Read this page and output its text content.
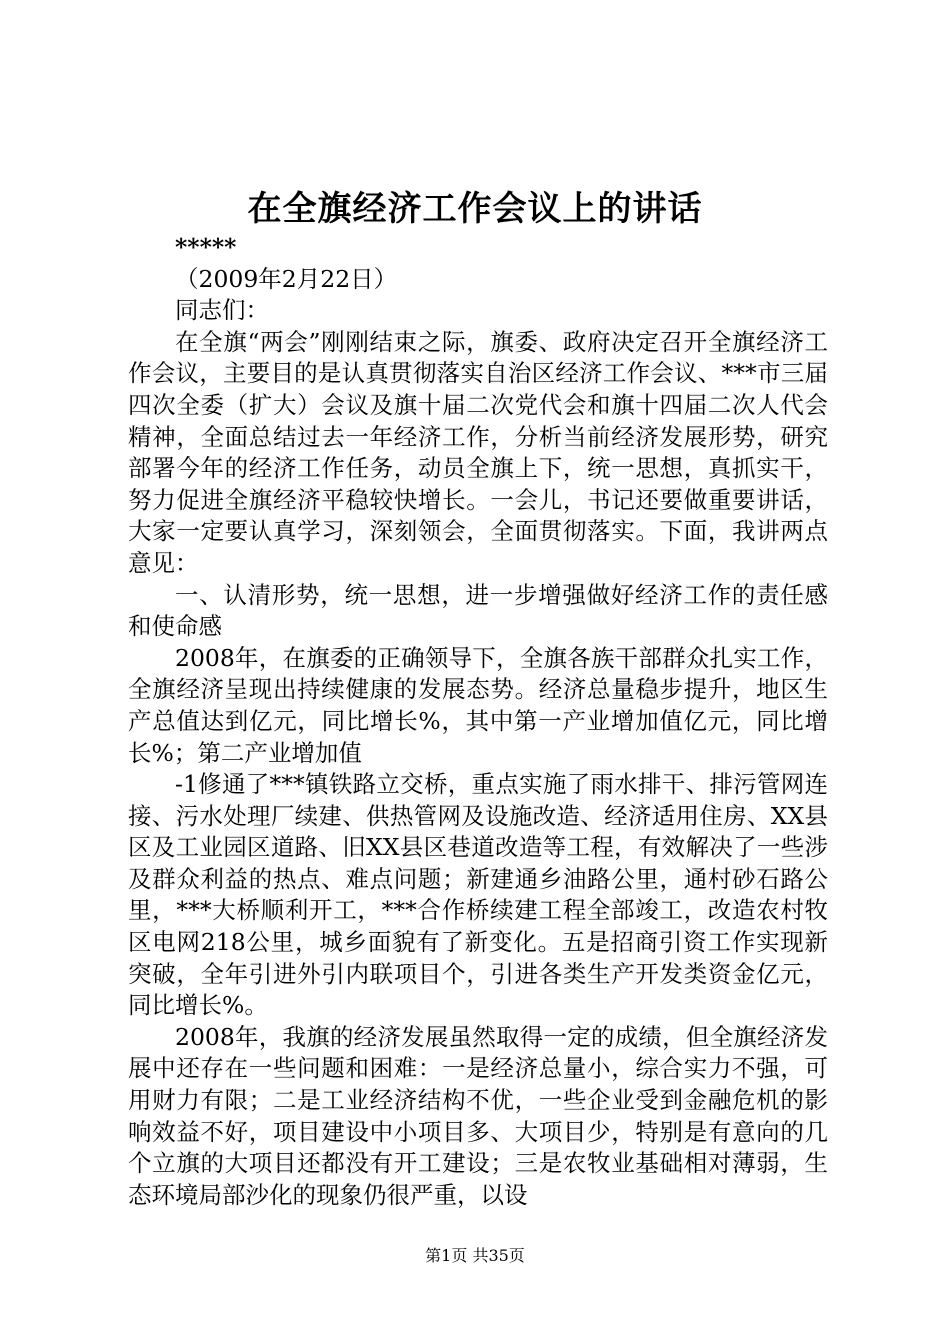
在全旗经济工作会议上的讲话

*****

（2009年2月22日）

同志们：

在全旗“两会”刚刚结束之际，旗委、政府决定召开全旗经济工作会议，主要目的是认真贯彻落实自治区经济工作会议、***市三届四次全委（扩大）会议及旗十届二次党代会和旗十四届二次人代会精神，全面总结过去一年经济工作，分析当前经济发展形势，研究部署今年的经济工作任务，动员全旗上下，统一思想，真抓实干，努力促进全旗经济平稳较快增长。一会儿，书记还要做重要讲话，大家一定要认真学习，深刻领会，全面贯彻落实。下面，我讲两点意见：

一、认清形势，统一思想，进一步增强做好经济工作的责任感和使命感

2008年，在旗委的正确领导下，全旗各族干部群众扎实工作，全旗经济呈现出持续健康的发展态势。经济总量稳步提升，地区生产总值达到亿元，同比增长%，其中第一产业增加值亿元，同比增长%；第二产业增加值

-1修通了***镇铁路立交桥，重点实施了雨水排干、排污管网连接、污水处理厂续建、供热管网及设施改造、经济适用住房、XX县区及工业园区道路、旧XX县区巷道改造等工程，有效解决了一些涉及群众利益的热点、难点问题；新建通乡油路公里，通村砂石路公里，***大桥顺利开工，***合作桥续建工程全部竣工，改造农村牧区电网218公里，城乡面貌有了新变化。五是招商引资工作实现新突破，全年引进外引内联项目个，引进各类生产开发类资金亿元，同比增长%。

2008年，我旗的经济发展虽然取得一定的成绩，但全旗经济发展中还存在一些问题和困难：一是经济总量小，综合实力不强，可用财力有限；二是工业经济结构不优，一些企业受到金融危机的影响效益不好，项目建设中小项目多、大项目少，特别是有意向的几个立旗的大项目还都没有开工建设；三是农牧业基础相对薄弱，生态环境局部沙化的现象仍很严重，以设

第1页 共35页
